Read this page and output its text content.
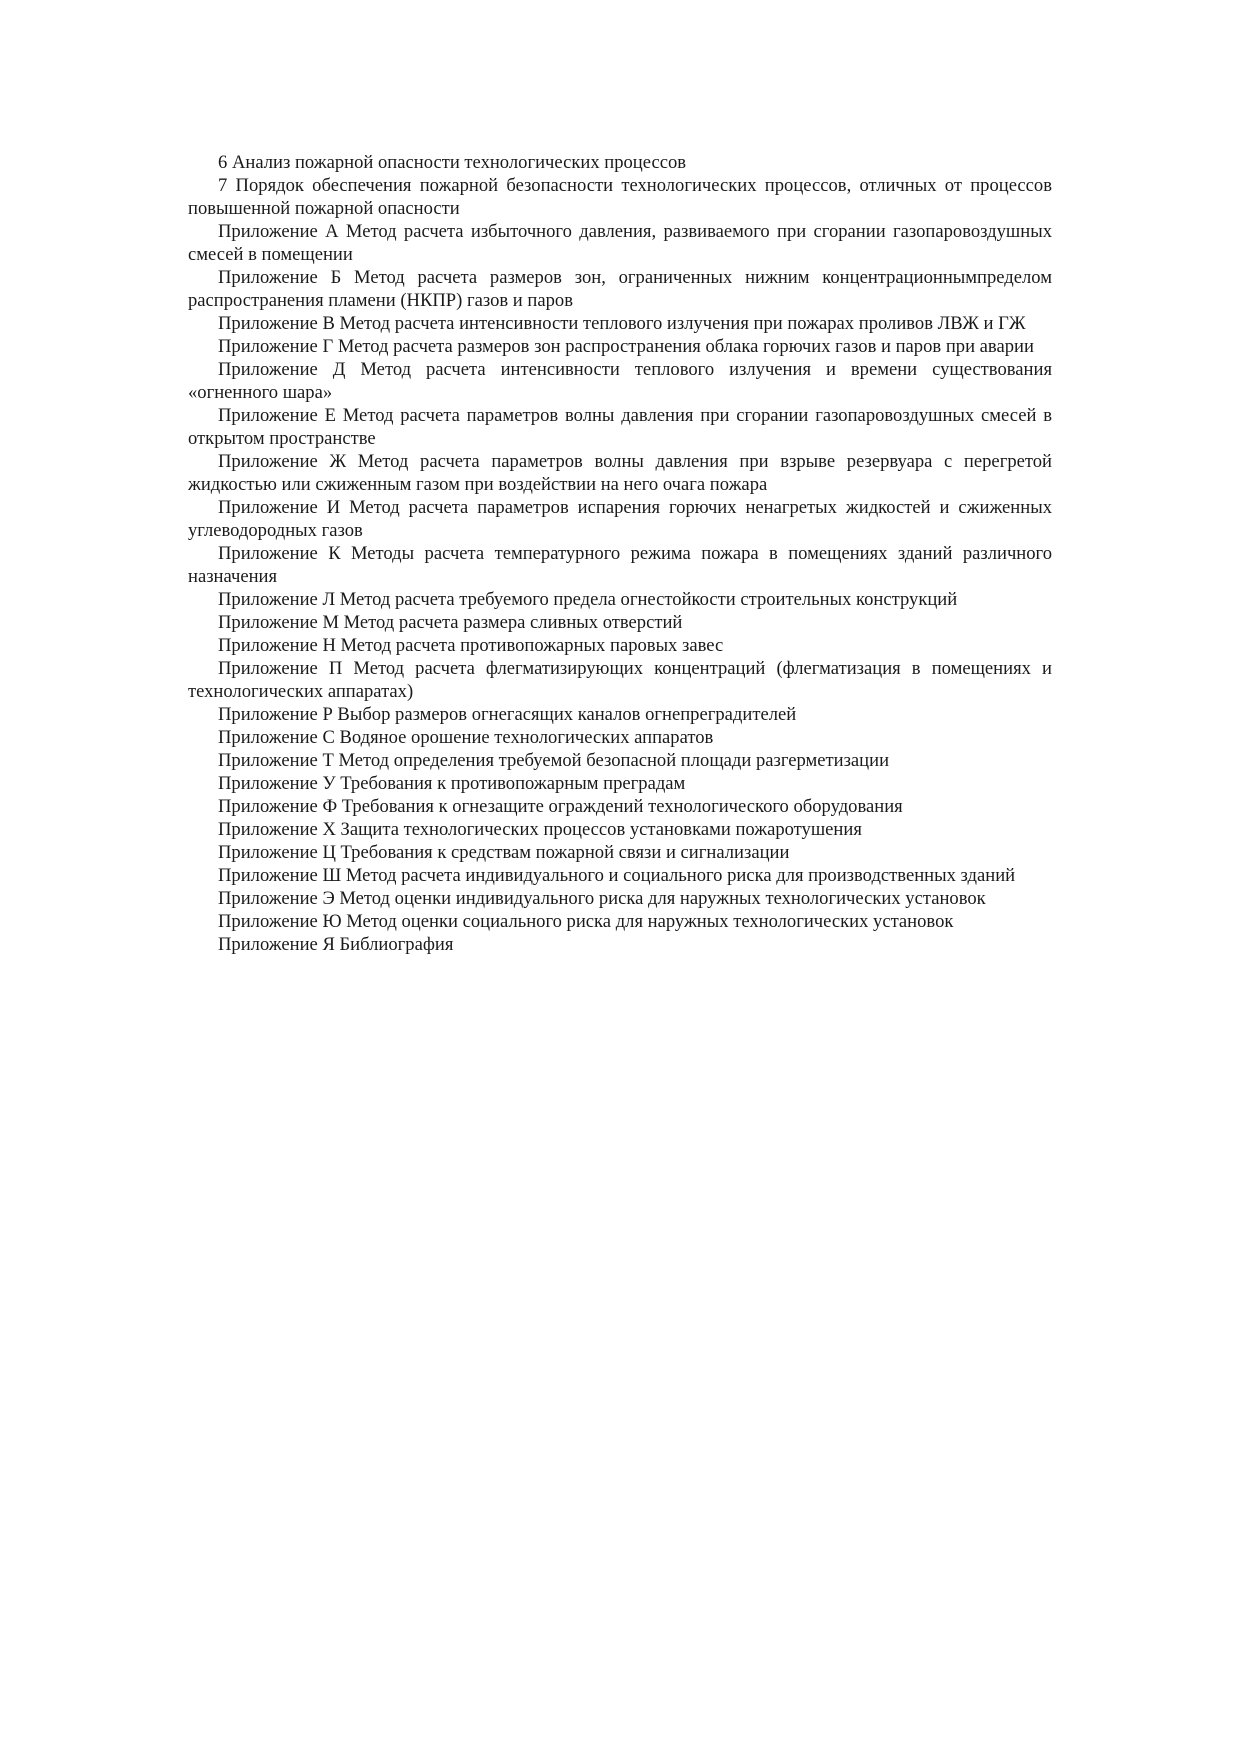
6 Анализ пожарной опасности технологических процессов

7 Порядок обеспечения пожарной безопасности технологических процессов, отличных от процессов повышенной пожарной опасности

Приложение А Метод расчета избыточного давления, развиваемого при сгорании газопаровоздушных смесей в помещении

Приложение Б Метод расчета размеров зон, ограниченных нижним концентрационнымпределом распространения пламени (НКПР) газов и паров

Приложение В Метод расчета интенсивности теплового излучения при пожарах проливов ЛВЖ и ГЖ

Приложение Г Метод расчета размеров зон распространения облака горючих газов и паров при аварии

Приложение Д Метод расчета интенсивности теплового излучения и времени существования «огненного шара»

Приложение Е Метод расчета параметров волны давления при сгорании газопаровоздушных смесей в открытом пространстве

Приложение Ж Метод расчета параметров волны давления при взрыве резервуара с перегретой жидкостью или сжиженным газом при воздействии на него очага пожара

Приложение И Метод расчета параметров испарения горючих ненагретых жидкостей и сжиженных углеводородных газов

Приложение К Методы расчета температурного режима пожара в помещениях зданий различного назначения

Приложение Л Метод расчета требуемого предела огнестойкости строительных конструкций

Приложение М Метод расчета размера сливных отверстий

Приложение Н Метод расчета противопожарных паровых завес

Приложение П Метод расчета флегматизирующих концентраций (флегматизация в помещениях и технологических аппаратах)

Приложение Р Выбор размеров огнегасящих каналов огнепреградителей

Приложение С Водяное орошение технологических аппаратов

Приложение Т Метод определения требуемой безопасной площади разгерметизации

Приложение У Требования к противопожарным преградам

Приложение Ф Требования к огнезащите ограждений технологического оборудования

Приложение Х Защита технологических процессов установками пожаротушения

Приложение Ц Требования к средствам пожарной связи и сигнализации

Приложение Ш Метод расчета индивидуального и социального риска для производственных зданий

Приложение Э Метод оценки индивидуального риска для наружных технологических установок

Приложение Ю Метод оценки социального риска для наружных технологических установок

Приложение Я Библиография
